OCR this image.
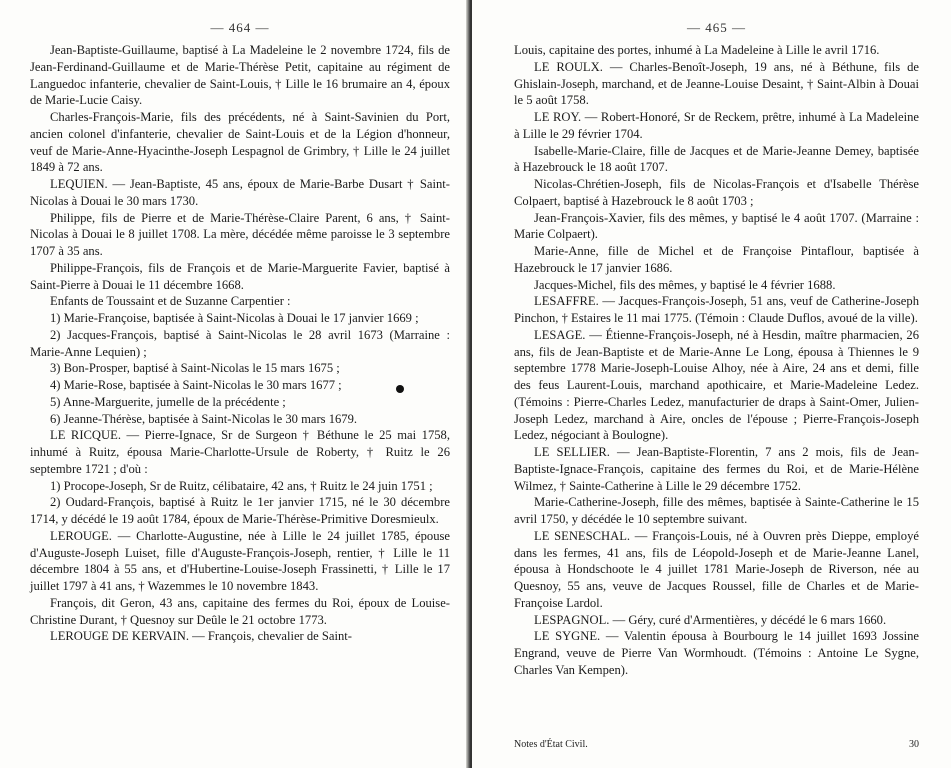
— 464 —

Jean-Baptiste-Guillaume, baptisé à La Madeleine le 2 novembre 1724, fils de Jean-Ferdinand-Guillaume et de Marie-Thérèse Petit, capitaine au régiment de Languedoc infanterie, chevalier de Saint-Louis, † Lille le 16 brumaire an 4, époux de Marie-Lucie Caisy.

Charles-François-Marie, fils des précédents, né à Saint-Savinien du Port, ancien colonel d'infanterie, chevalier de Saint-Louis et de la Légion d'honneur, veuf de Marie-Anne-Hyacinthe-Joseph Lespagnol de Grimbry, † Lille le 24 juillet 1849 à 72 ans.

LEQUIEN. — Jean-Baptiste, 45 ans, époux de Marie-Barbe Dusart † Saint-Nicolas à Douai le 30 mars 1730.

Philippe, fils de Pierre et de Marie-Thérèse-Claire Parent, 6 ans, † Saint-Nicolas à Douai le 8 juillet 1708. La mère, décédée même paroisse le 3 septembre 1707 à 35 ans.

Philippe-François, fils de François et de Marie-Marguerite Favier, baptisé à Saint-Pierre à Douai le 11 décembre 1668.

Enfants de Toussaint et de Suzanne Carpentier :

1) Marie-Françoise, baptisée à Saint-Nicolas à Douai le 17 janvier 1669 ;

2) Jacques-François, baptisé à Saint-Nicolas le 28 avril 1673 (Marraine : Marie-Anne Lequien) ;

3) Bon-Prosper, baptisé à Saint-Nicolas le 15 mars 1675 ;

4) Marie-Rose, baptisée à Saint-Nicolas le 30 mars 1677 ;

5) Anne-Marguerite, jumelle de la précédente ;

6) Jeanne-Thérèse, baptisée à Saint-Nicolas le 30 mars 1679.

LE RICQUE. — Pierre-Ignace, Sr de Surgeon † Béthune le 25 mai 1758, inhumé à Ruitz, épousa Marie-Charlotte-Ursule de Roberty, † Ruitz le 26 septembre 1721 ; d'où :

1) Procope-Joseph, Sr de Ruitz, célibataire, 42 ans, † Ruitz le 24 juin 1751 ;

2) Oudard-François, baptisé à Ruitz le 1er janvier 1715, né le 30 décembre 1714, y décédé le 19 août 1784, époux de Marie-Thérèse-Primitive Doresmieulx.

LEROUGE. — Charlotte-Augustine, née à Lille le 24 juillet 1785, épouse d'Auguste-Joseph Luiset, fille d'Auguste-François-Joseph, rentier, † Lille le 11 décembre 1804 à 55 ans, et d'Hubertine-Louise-Joseph Frassinetti, † Lille le 17 juillet 1797 à 41 ans, † Wazemmes le 10 novembre 1843.

François, dit Geron, 43 ans, capitaine des fermes du Roi, époux de Louise-Christine Durant, † Quesnoy sur Deûle le 21 octobre 1773.

LEROUGE DE KERVAIN. — François, chevalier de Saint-

— 465 —

Louis, capitaine des portes, inhumé à La Madeleine à Lille le avril 1716.

LE ROULX. — Charles-Benoît-Joseph, 19 ans, né à Béthune, fils de Ghislain-Joseph, marchand, et de Jeanne-Louise Desaint, † Saint-Albin à Douai le 5 août 1758.

LE ROY. — Robert-Honoré, Sr de Reckem, prêtre, inhumé à La Madeleine à Lille le 29 février 1704.

Isabelle-Marie-Claire, fille de Jacques et de Marie-Jeanne Demey, baptisée à Hazebrouck le 18 août 1707.

Nicolas-Chrétien-Joseph, fils de Nicolas-François et d'Isabelle Thérèse Colpaert, baptisé à Hazebrouck le 8 août 1703 ;

Jean-François-Xavier, fils des mêmes, y baptisé le 4 août 1707. (Marraine : Marie Colpaert).

Marie-Anne, fille de Michel et de Françoise Pintaflour, baptisée à Hazebrouck le 17 janvier 1686.

Jacques-Michel, fils des mêmes, y baptisé le 4 février 1688.

LESAFFRE. — Jacques-François-Joseph, 51 ans, veuf de Catherine-Joseph Pinchon, † Estaires le 11 mai 1775. (Témoin : Claude Duflos, avoué de la ville).

LESAGE. — Étienne-François-Joseph, né à Hesdin, maître pharmacien, 26 ans, fils de Jean-Baptiste et de Marie-Anne Le Long, épousa à Thiennes le 9 septembre 1778 Marie-Joseph-Louise Alhoy, née à Aire, 24 ans et demi, fille des feus Laurent-Louis, marchand apothicaire, et Marie-Madeleine Ledez. (Témoins : Pierre-Charles Ledez, manufacturier de draps à Saint-Omer, Julien-Joseph Ledez, marchand à Aire, oncles de l'épouse ; Pierre-François-Joseph Ledez, négociant à Boulogne).

LE SELLIER. — Jean-Baptiste-Florentin, 7 ans 2 mois, fils de Jean-Baptiste-Ignace-François, capitaine des fermes du Roi, et de Marie-Hélène Wilmez, † Sainte-Catherine à Lille le 29 décembre 1752.

Marie-Catherine-Joseph, fille des mêmes, baptisée à Sainte-Catherine le 15 avril 1750, y décédée le 10 septembre suivant.

LE SENESCHAL. — François-Louis, né à Ouvren près Dieppe, employé dans les fermes, 41 ans, fils de Léopold-Joseph et de Marie-Jeanne Lanel, épousa à Hondschoote le 4 juillet 1781 Marie-Joseph de Riverson, née au Quesnoy, 55 ans, veuve de Jacques Roussel, fille de Charles et de Marie-Françoise Lardol.

LESPAGNOL. — Géry, curé d'Armentières, y décédé le 6 mars 1660.

LE SYGNE. — Valentin épousa à Bourbourg le 14 juillet 1693 Jossine Engrand, veuve de Pierre Van Wormhoudt. (Témoins : Antoine Le Sygne, Charles Van Kempen).

Notes d'État Civil.	30
